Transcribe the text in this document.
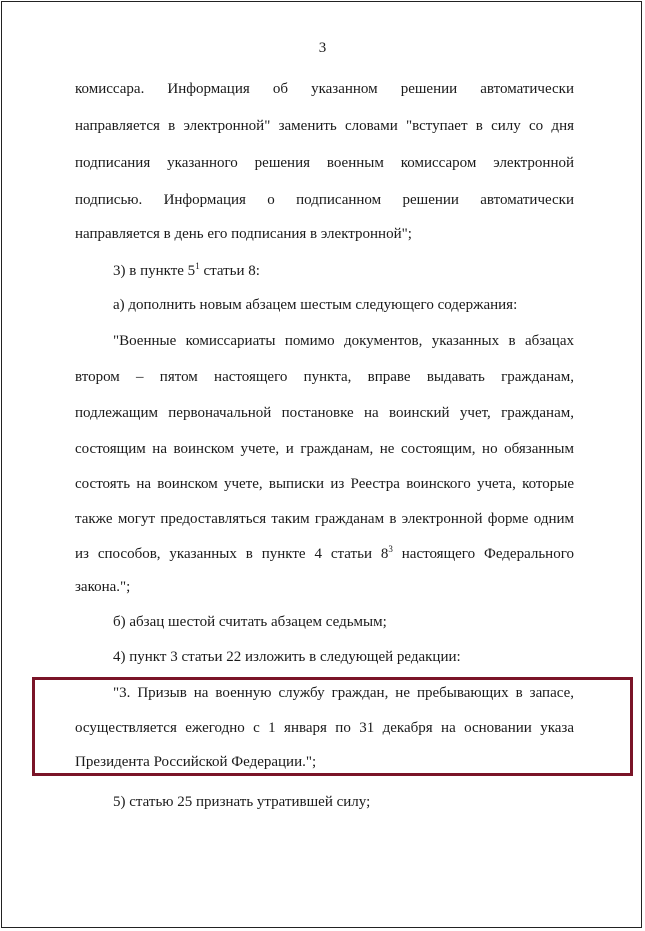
3
комиссара. Информация об указанном решении автоматически
направляется в электронной" заменить словами "вступает в силу со дня
подписания указанного решения военным комиссаром электронной
подписью. Информация о подписанном решении автоматически
направляется в день его подписания в электронной";
3) в пункте $5^1$ статьи 8:
а) дополнить новым абзацем шестым следующего содержания:
"Военные комиссариаты помимо документов, указанных в абзацах
втором – пятом настоящего пункта, вправе выдавать гражданам,
подлежащим первоначальной постановке на воинский учет, гражданам,
состоящим на воинском учете, и гражданам, не состоящим, но обязанным
состоять на воинском учете, выписки из Реестра воинского учета, которые
также могут предоставляться таким гражданам в электронной форме одним
из способов, указанных в пункте 4 статьи $8^3$ настоящего Федерального
закона.";
б) абзац шестой считать абзацем седьмым;
4) пункт 3 статьи 22 изложить в следующей редакции:
"3. Призыв на военную службу граждан, не пребывающих в запасе,
осуществляется ежегодно с 1 января по 31 декабря на основании указа
Президента Российской Федерации.";
5) статью 25 признать утратившей силу;
